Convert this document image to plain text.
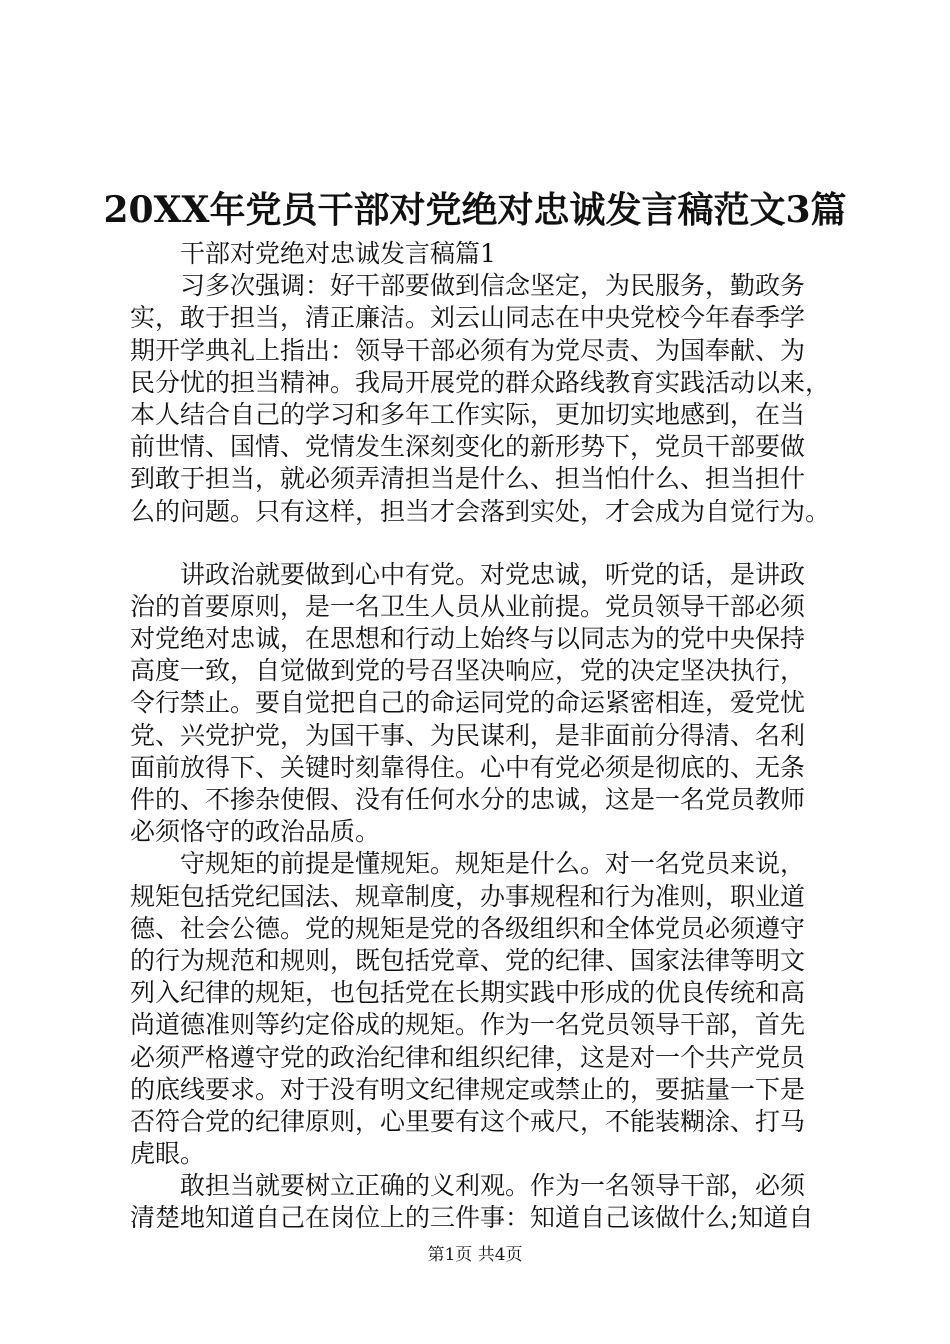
20XX年党员干部对党绝对忠诚发言稿范文3篇
干部对党绝对忠诚发言稿篇1
习多次强调：好干部要做到信念坚定，为民服务，勤政务
实，敢于担当，清正廉洁。刘云山同志在中央党校今年春季学
期开学典礼上指出：领导干部必须有为党尽责、为国奉献、为
民分忧的担当精神。我局开展党的群众路线教育实践活动以来，
本人结合自己的学习和多年工作实际，更加切实地感到，在当
前世情、国情、党情发生深刻变化的新形势下，党员干部要做
到敢于担当，就必须弄清担当是什么、担当怕什么、担当担什
么的问题。只有这样，担当才会落到实处，才会成为自觉行为。
讲政治就要做到心中有党。对党忠诚，听党的话，是讲政
治的首要原则，是一名卫生人员从业前提。党员领导干部必须
对党绝对忠诚，在思想和行动上始终与以同志为的党中央保持
高度一致，自觉做到党的号召坚决响应，党的决定坚决执行，
令行禁止。要自觉把自己的命运同党的命运紧密相连，爱党忧
党、兴党护党，为国干事、为民谋利，是非面前分得清、名利
面前放得下、关键时刻靠得住。心中有党必须是彻底的、无条
件的、不掺杂使假、没有任何水分的忠诚，这是一名党员教师
必须恪守的政治品质。
守规矩的前提是懂规矩。规矩是什么。对一名党员来说，
规矩包括党纪国法、规章制度，办事规程和行为准则，职业道
德、社会公德。党的规矩是党的各级组织和全体党员必须遵守
的行为规范和规则，既包括党章、党的纪律、国家法律等明文
列入纪律的规矩，也包括党在长期实践中形成的优良传统和高
尚道德准则等约定俗成的规矩。作为一名党员领导干部，首先
必须严格遵守党的政治纪律和组织纪律，这是对一个共产党员
的底线要求。对于没有明文纪律规定或禁止的，要掂量一下是
否符合党的纪律原则，心里要有这个戒尺，不能装糊涂、打马
虎眼。
敢担当就要树立正确的义利观。作为一名领导干部，必须
清楚地知道自己在岗位上的三件事：知道自己该做什么;知道自
第1页 共4页
